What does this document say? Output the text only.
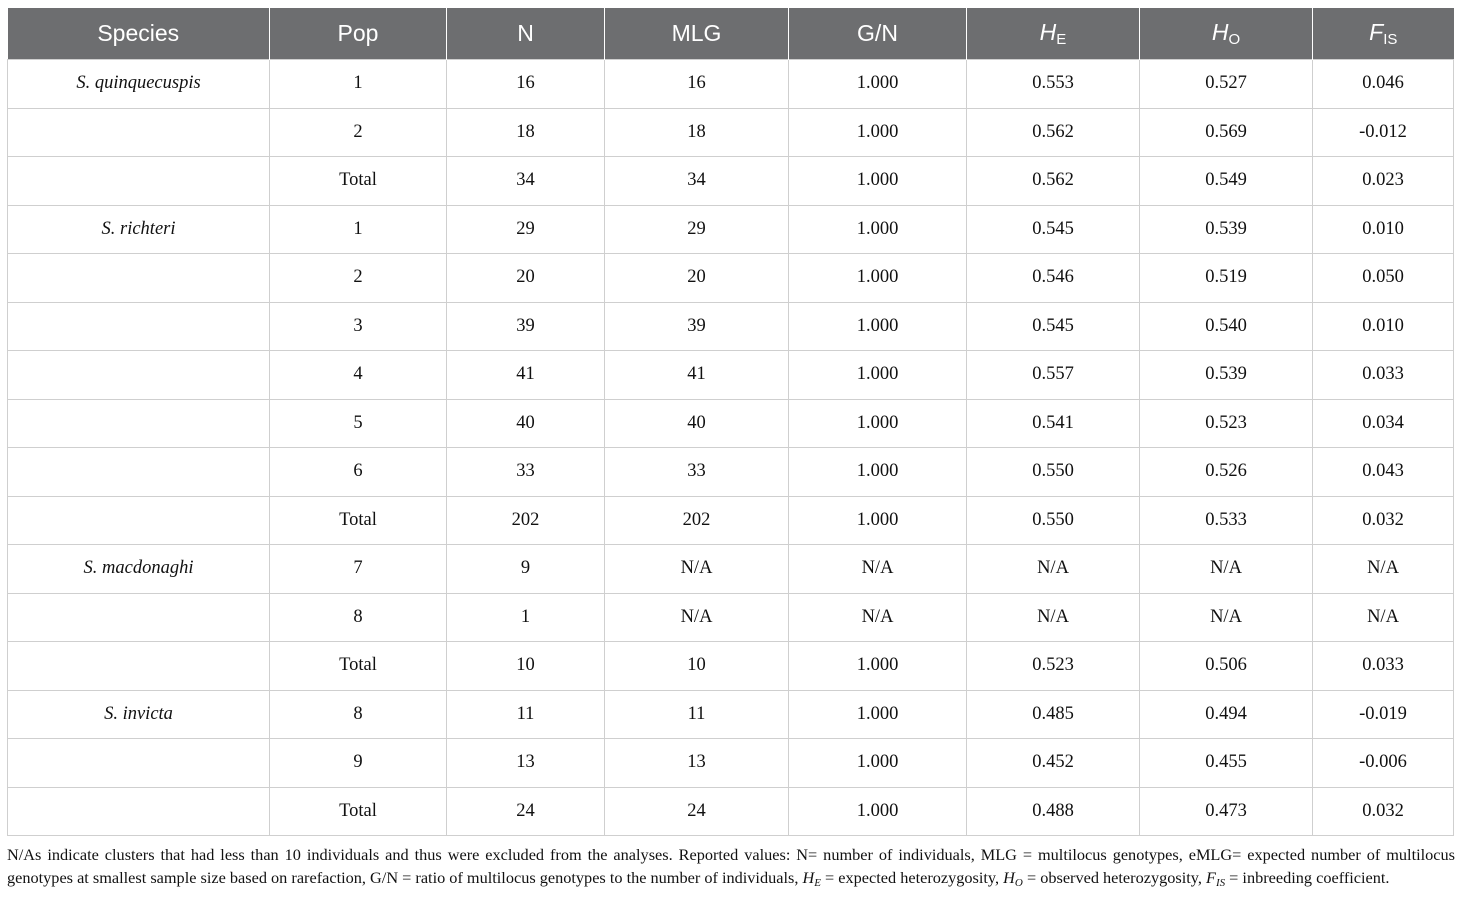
Species	Pop	N	MLG	G/N	$H_E$	$H_O$	$F_{IS}$
S. quinquecuspis	1	16	16	1.000	0.553	0.527	0.046
	2	18	18	1.000	0.562	0.569	-0.012
	Total	34	34	1.000	0.562	0.549	0.023
S. richteri	1	29	29	1.000	0.545	0.539	0.010
	2	20	20	1.000	0.546	0.519	0.050
	3	39	39	1.000	0.545	0.540	0.010
	4	41	41	1.000	0.557	0.539	0.033
	5	40	40	1.000	0.541	0.523	0.034
	6	33	33	1.000	0.550	0.526	0.043
	Total	202	202	1.000	0.550	0.533	0.032
S. macdonaghi	7	9	N/A	N/A	N/A	N/A	N/A
	8	1	N/A	N/A	N/A	N/A	N/A
	Total	10	10	1.000	0.523	0.506	0.033
S. invicta	8	11	11	1.000	0.485	0.494	-0.019
	9	13	13	1.000	0.452	0.455	-0.006
	Total	24	24	1.000	0.488	0.473	0.032
N/As indicate clusters that had less than 10 individuals and thus were excluded from the analyses. Reported values: N= number of individuals, MLG = multilocus genotypes, eMLG= expected number of multilocus genotypes at smallest sample size based on rarefaction, G/N = ratio of multilocus genotypes to the number of individuals, $H_E$ = expected heterozygosity, $H_O$ = observed heterozygosity, $F_{IS}$ = inbreeding coefficient.
